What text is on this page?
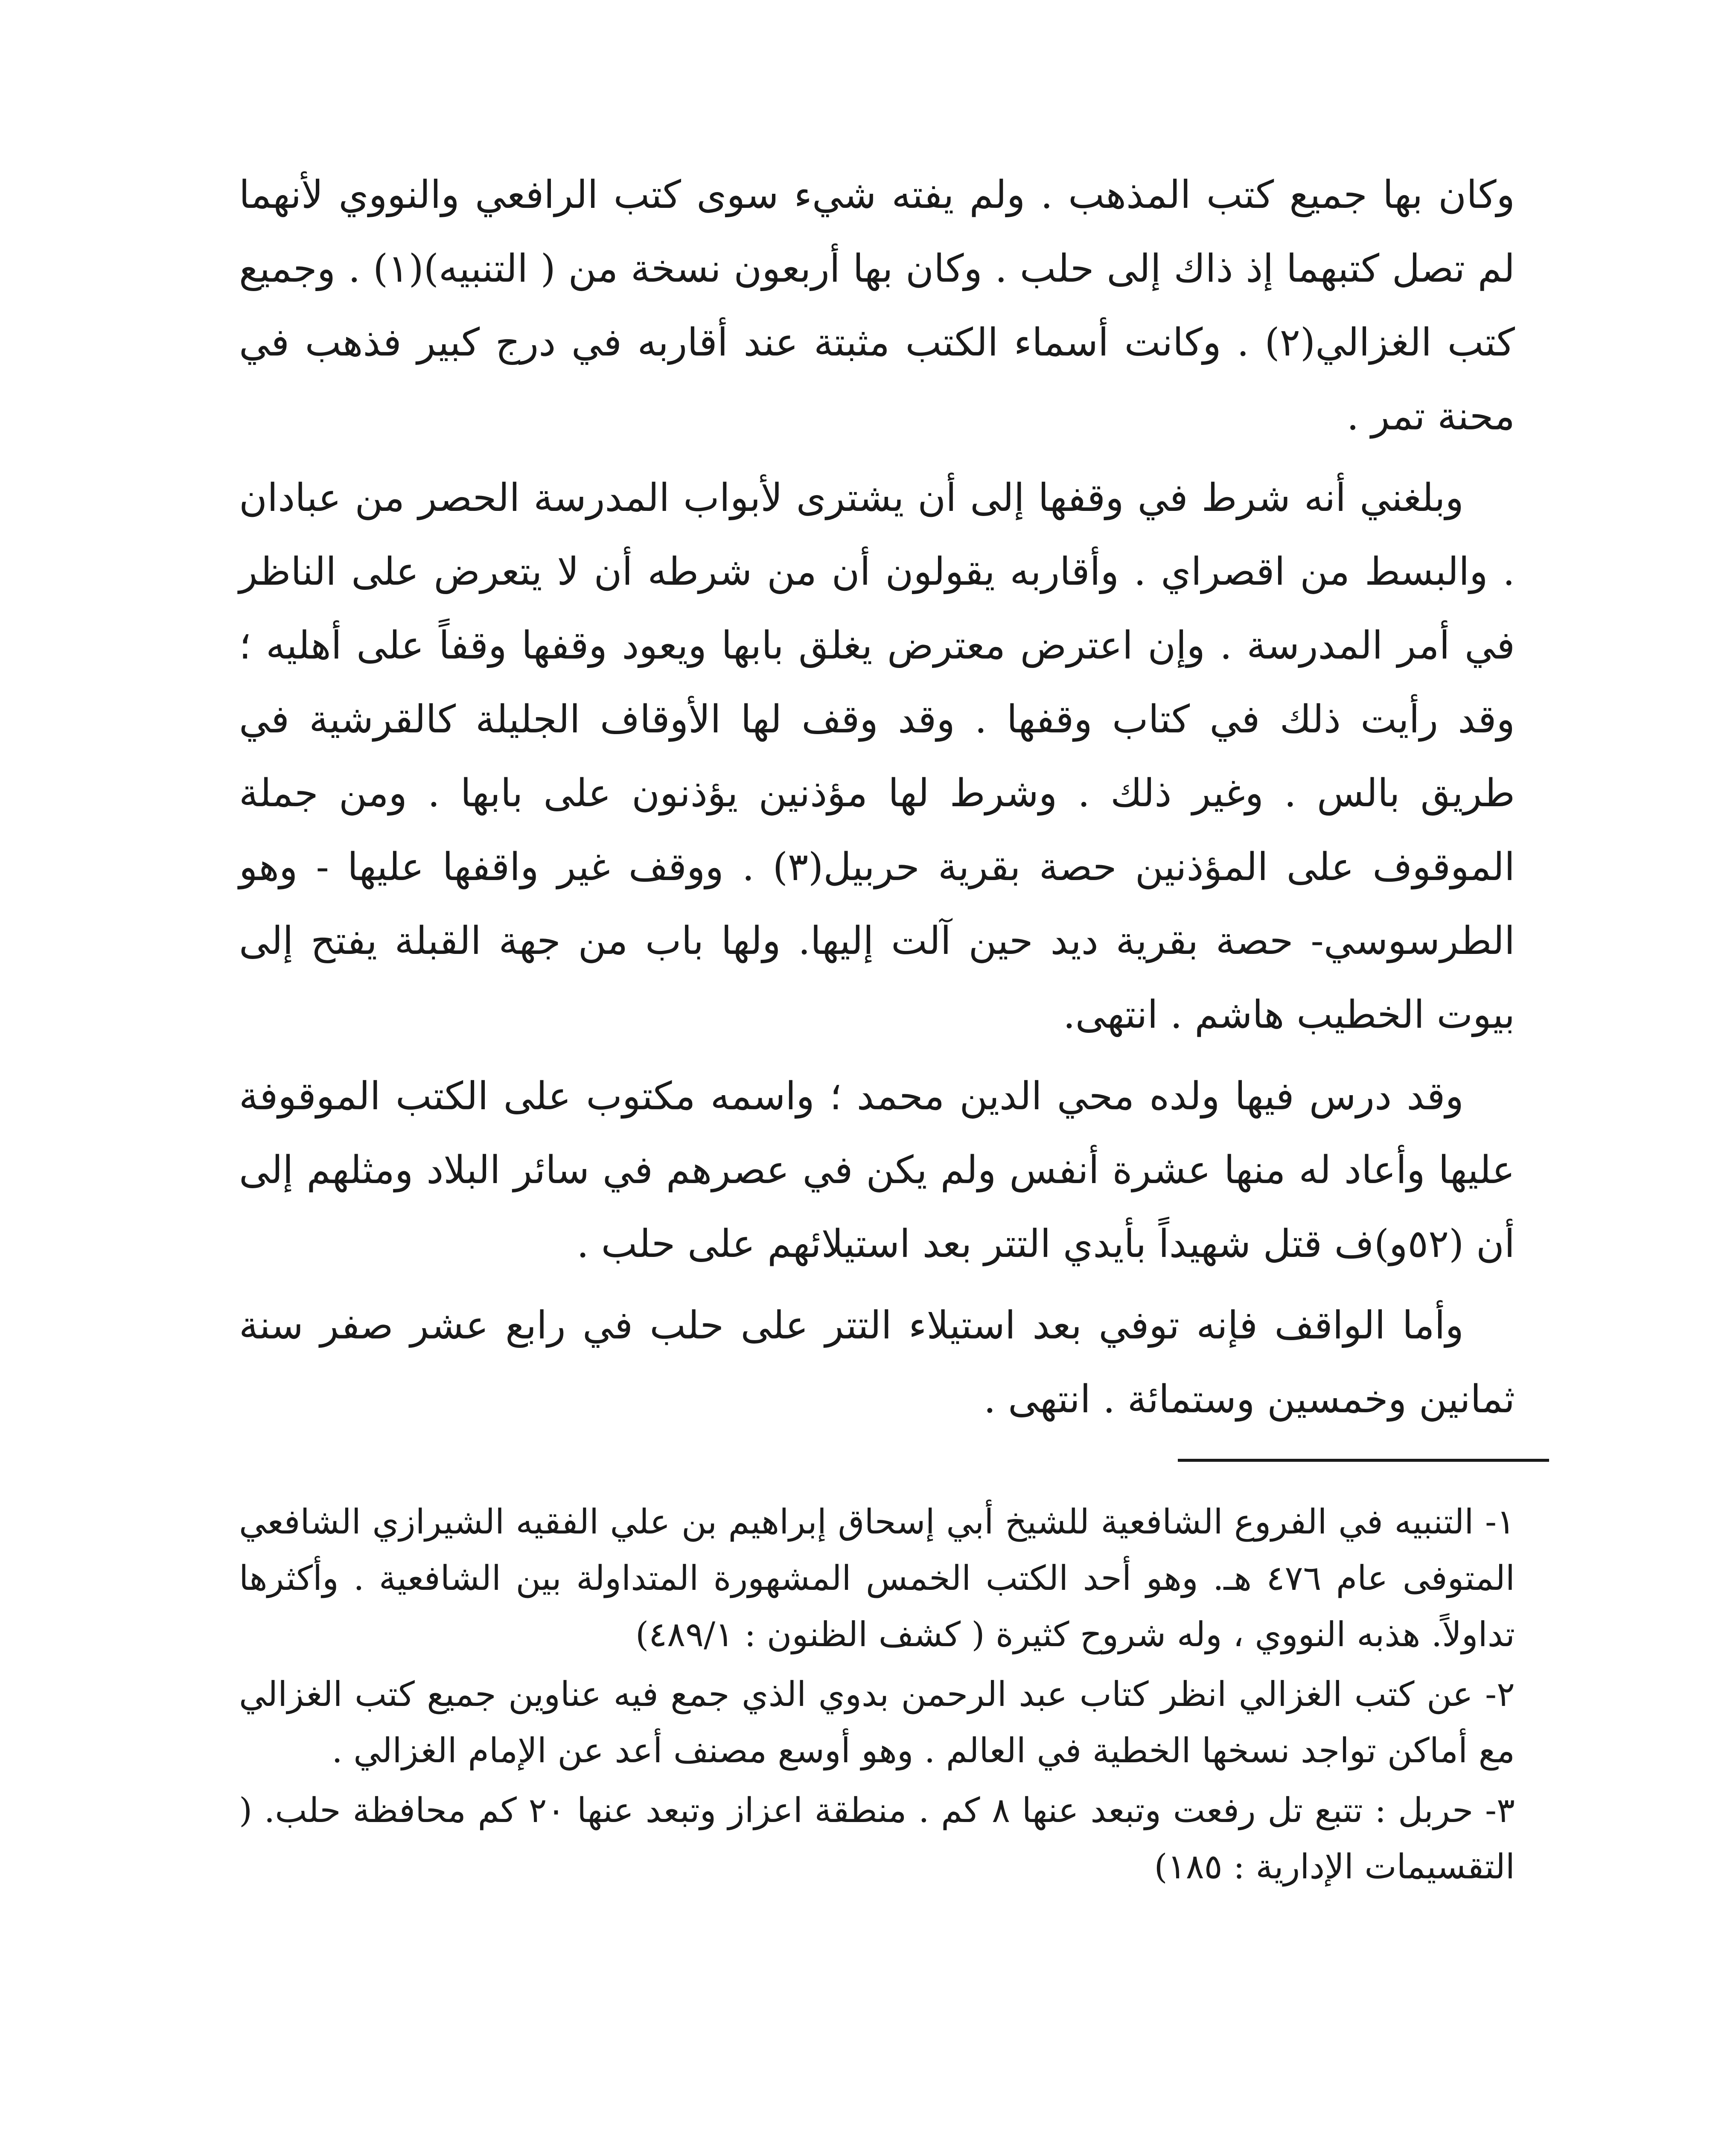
وكان بها جميع كتب المذهب . ولم يفته شيء سوى كتب الرافعي والنووي لأنهما لم تصل كتبهما إذ ذاك إلى حلب . وكان بها أربعون نسخة من ( التنبيه)(١) . وجميع كتب الغزالي(٢) . وكانت أسماء الكتب مثبتة عند أقاربه في درج كبير فذهب في محنة تمر .

وبلغني أنه شرط في وقفها إلى أن يشترى لأبواب المدرسة الحصر من عبادان . والبسط من اقصراي . وأقاربه يقولون أن من شرطه أن لا يتعرض على الناظر في أمر المدرسة . وإن اعترض معترض يغلق بابها ويعود وقفها وقفاً على أهليه ؛ وقد رأيت ذلك في كتاب وقفها . وقد وقف لها الأوقاف الجليلة كالقرشية في طريق بالس . وغير ذلك . وشرط لها مؤذنين يؤذنون على بابها . ومن جملة الموقوف على المؤذنين حصة بقرية حربيل(٣) . ووقف غير واقفها عليها - وهو الطرسوسي- حصة بقرية ديد حين آلت إليها. ولها باب من جهة القبلة يفتح إلى بيوت الخطيب هاشم . انتهى.

وقد درس فيها ولده محي الدين محمد ؛ واسمه مكتوب على الكتب الموقوفة عليها وأعاد له منها عشرة أنفس ولم يكن في عصرهم في سائر البلاد ومثلهم إلى أن (٥٢و)ف قتل شهيداً بأيدي التتر بعد استيلائهم على حلب .

وأما الواقف فإنه توفي بعد استيلاء التتر على حلب في رابع عشر صفر سنة ثمانين وخمسين وستمائة . انتهى .

١- التنبيه في الفروع الشافعية للشيخ أبي إسحاق إبراهيم بن علي الفقيه الشيرازي الشافعي المتوفى عام ٤٧٦ هـ. وهو أحد الكتب الخمس المشهورة المتداولة بين الشافعية . وأكثرها تداولاً. هذبه النووي ، وله شروح كثيرة ( كشف الظنون : ٤٨٩/١)

٢- عن كتب الغزالي انظر كتاب عبد الرحمن بدوي الذي جمع فيه عناوين جميع كتب الغزالي مع أماكن تواجد نسخها الخطية في العالم . وهو أوسع مصنف أعد عن الإمام الغزالي .

٣- حربل : تتبع تل رفعت وتبعد عنها ٨ كم . منطقة اعزاز وتبعد عنها ٢٠ كم محافظة حلب. ( التقسيمات الإدارية : ١٨٥)
